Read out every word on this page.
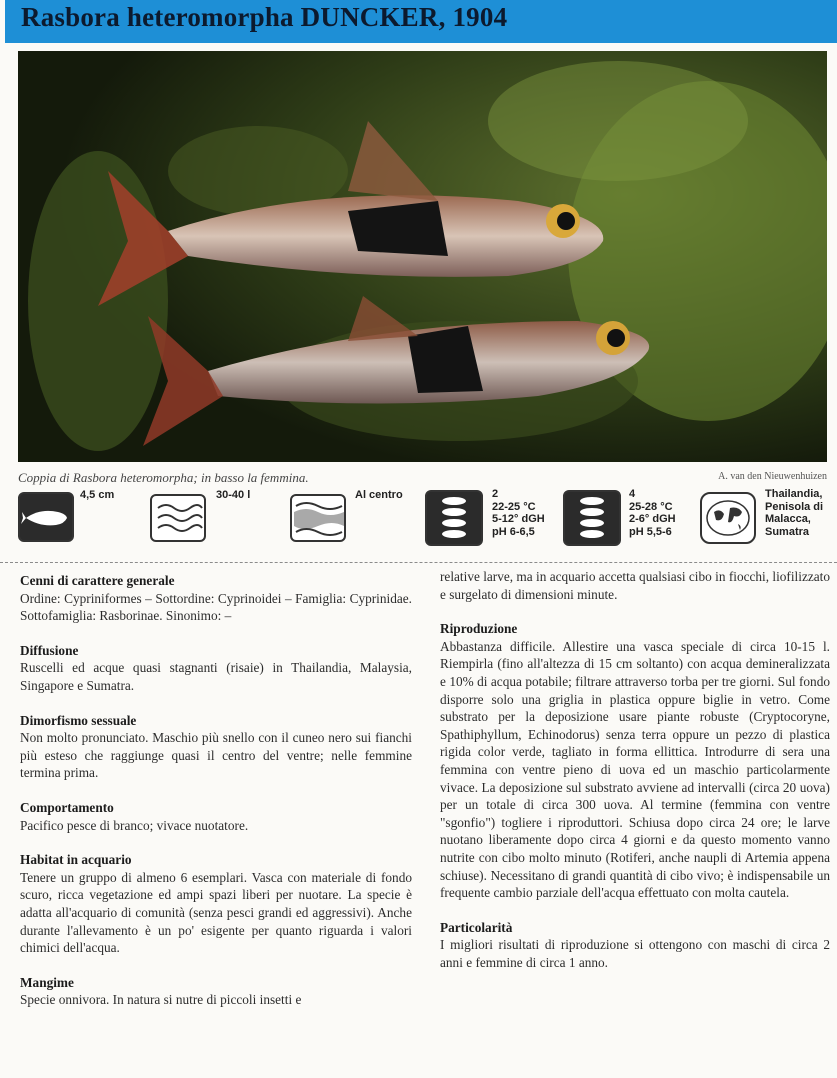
Rasbora heteromorpha DUNCKER, 1904
Coppia di Rasbora heteromorpha; in basso la femmina.	A. van den Nieuwenhuizen
4,5 cm	30-40 l	Al centro	2
22-25 °C
5-12° dGH
pH 6-6,5
4
25-28 °C
2-6° dGH
pH 5,5-6
Thailandia,
Penisola di
Malacca,
Sumatra
Cenni di carattere generale

Ordine: Cypriniformes – Sottordine: Cyprinoidei – Famiglia: Cyprinidae. Sottofamiglia: Rasborinae. Sinonimo: –

Diffusione

Ruscelli ed acque quasi stagnanti (risaie) in Thailandia, Malaysia, Singapore e Sumatra.

Dimorfismo sessuale

Non molto pronunciato. Maschio più snello con il cuneo nero sui fianchi più esteso che raggiunge quasi il centro del ventre; nelle femmine termina prima.

Comportamento

Pacifico pesce di branco; vivace nuotatore.

Habitat in acquario

Tenere un gruppo di almeno 6 esemplari. Vasca con materiale di fondo scuro, ricca vegetazione ed ampi spazi liberi per nuotare. La specie è adatta all'acquario di comunità (senza pesci grandi ed aggressivi). Anche durante l'allevamento è un po' esigente per quanto riguarda i valori chimici dell'acqua.

Mangime

Specie onnivora. In natura si nutre di piccoli insetti e

relative larve, ma in acquario accetta qualsiasi cibo in fiocchi, liofilizzato e surgelato di dimensioni minute.

Riproduzione

Abbastanza difficile. Allestire una vasca speciale di circa 10-15 l. Riempirla (fino all'altezza di 15 cm soltanto) con acqua demineralizzata e 10% di acqua potabile; filtrare attraverso torba per tre giorni. Sul fondo disporre solo una griglia in plastica oppure biglie in vetro. Come substrato per la deposizione usare piante robuste (Cryptocoryne, Spathiphyllum, Echinodorus) senza terra oppure un pezzo di plastica rigida color verde, tagliato in forma ellittica. Introdurre di sera una femmina con ventre pieno di uova ed un maschio particolarmente vivace. La deposizione sul substrato avviene ad intervalli (circa 20 uova) per un totale di circa 300 uova. Al termine (femmina con ventre "sgonfio") togliere i riproduttori. Schiusa dopo circa 24 ore; le larve nuotano liberamente dopo circa 4 giorni e da questo momento vanno nutrite con cibo molto minuto (Rotiferi, anche naupli di Artemia appena schiuse). Necessitano di grandi quantità di cibo vivo; è indispensabile un frequente cambio parziale dell'acqua effettuato con molta cautela.

Particolarità

I migliori risultati di riproduzione si ottengono con maschi di circa 2 anni e femmine di circa 1 anno.
